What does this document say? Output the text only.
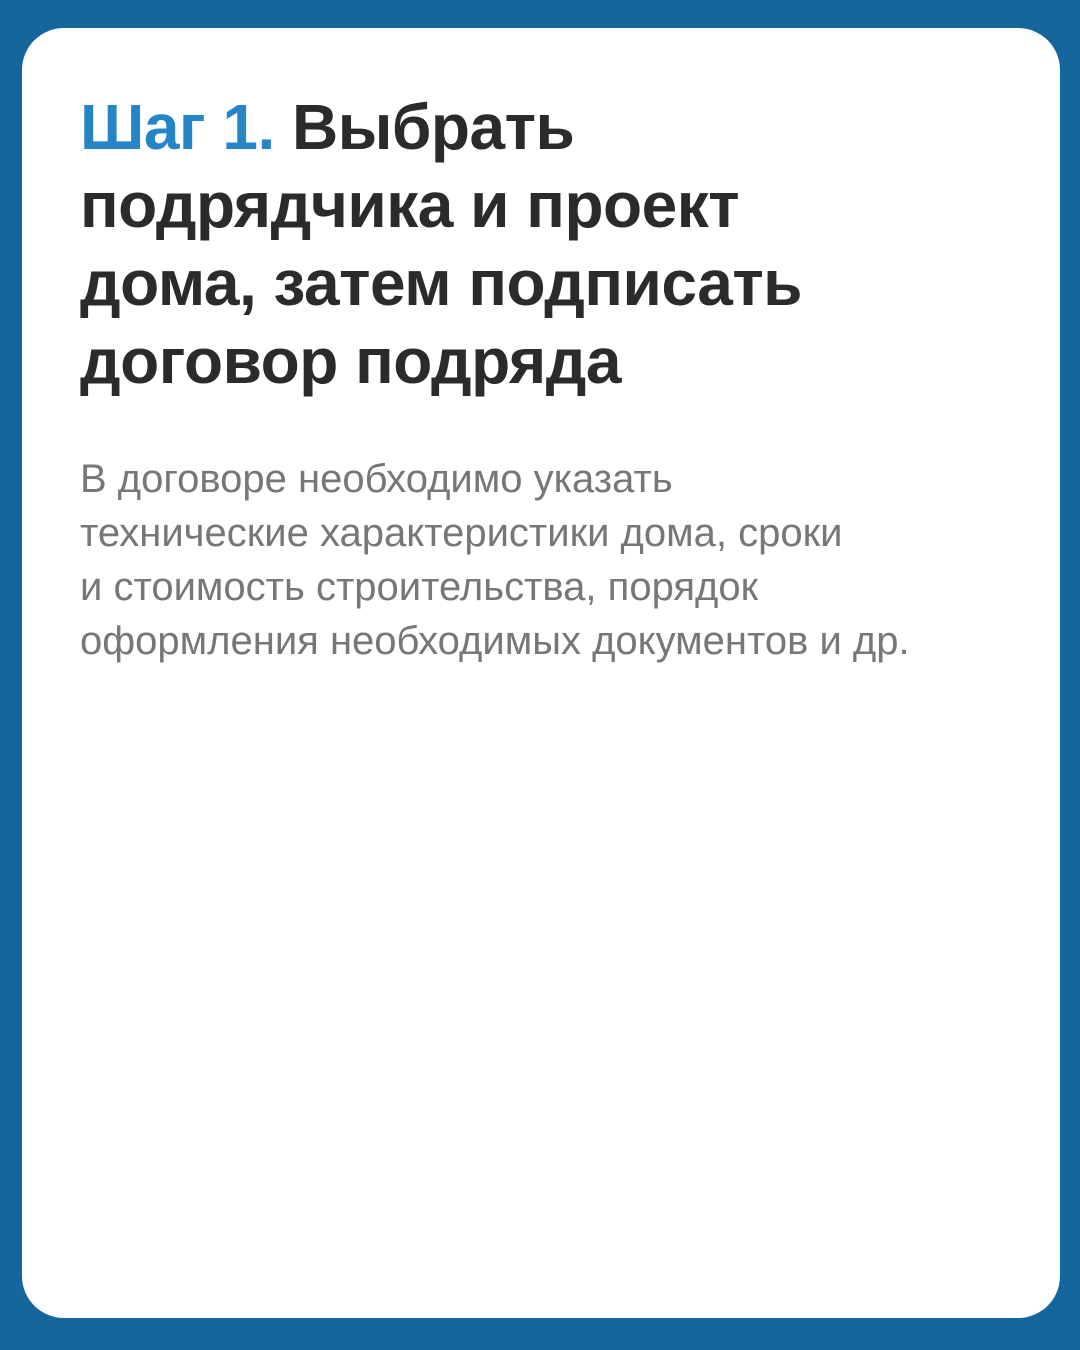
Шаг 1. Выбрать
подрядчика и проект
дома, затем подписать
договор подряда

В договоре необходимо указать
технические характеристики дома, сроки
и стоимость строительства, порядок
оформления необходимых документов и др.
